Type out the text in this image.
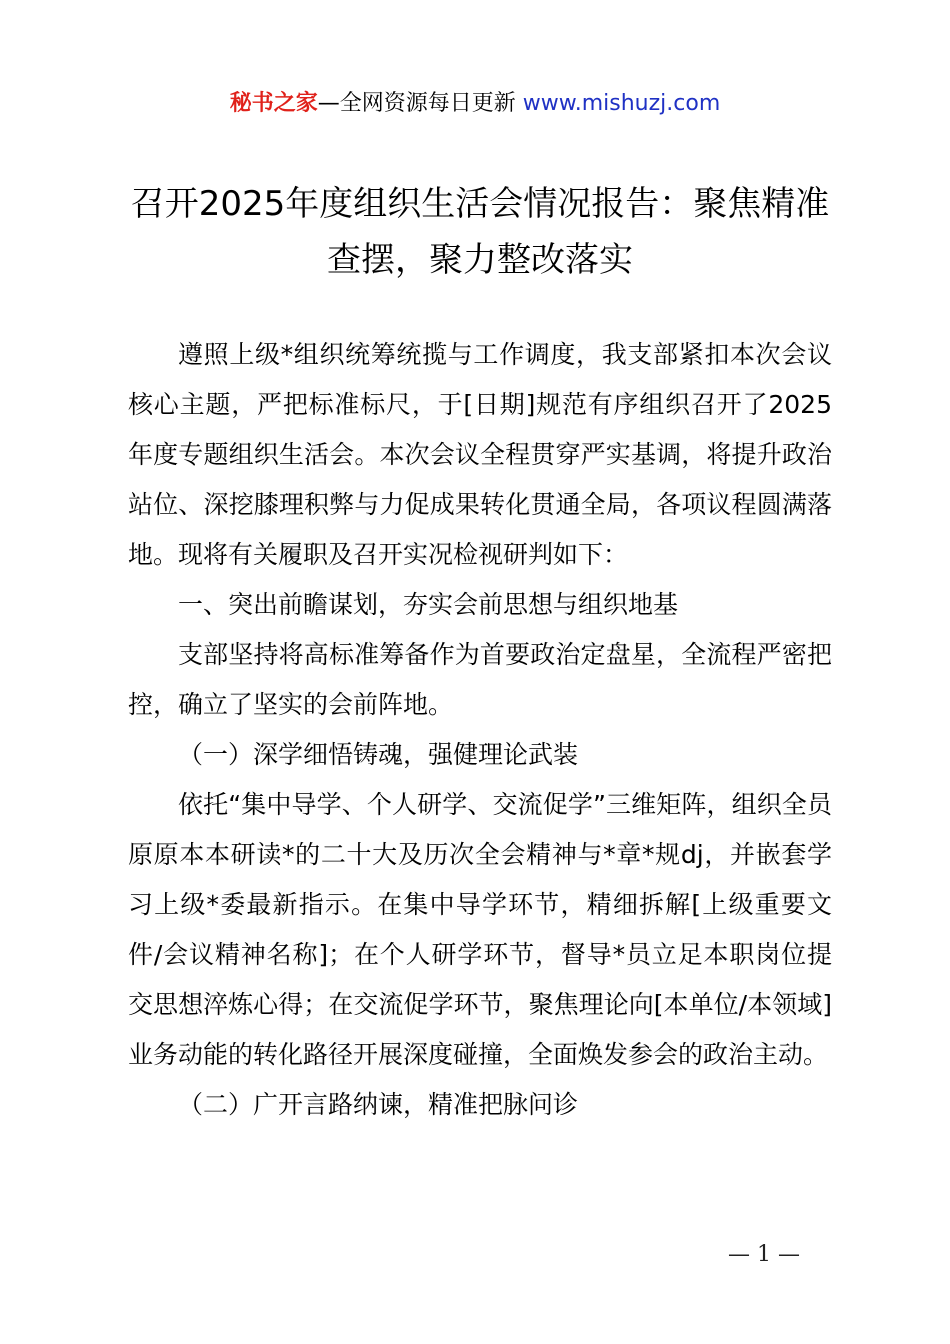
秘书之家—全网资源每日更新 www.mishuzj.com
召开2025年度组织生活会情况报告：聚焦精准查摆，聚力整改落实

遵照上级*组织统筹统揽与工作调度，我支部紧扣本次会议核心主题，严把标准标尺，于[日期]规范有序组织召开了2025年度专题组织生活会。本次会议全程贯穿严实基调，将提升政治站位、深挖膝理积弊与力促成果转化贯通全局，各项议程圆满落地。现将有关履职及召开实况检视研判如下：

一、突出前瞻谋划，夯实会前思想与组织地基

支部坚持将高标准筹备作为首要政治定盘星，全流程严密把控，确立了坚实的会前阵地。

（一）深学细悟铸魂，强健理论武装

依托“集中导学、个人研学、交流促学”三维矩阵，组织全员原原本本研读*的二十大及历次全会精神与*章*规dj，并嵌套学习上级*委最新指示。在集中导学环节，精细拆解[上级重要文件/会议精神名称]；在个人研学环节，督导*员立足本职岗位提交思想淬炼心得；在交流促学环节，聚焦理论向[本单位/本领域]业务动能的转化路径开展深度碰撞，全面焕发参会的政治主动。

（二）广开言路纳谏，精准把脉问诊

— 1 —
